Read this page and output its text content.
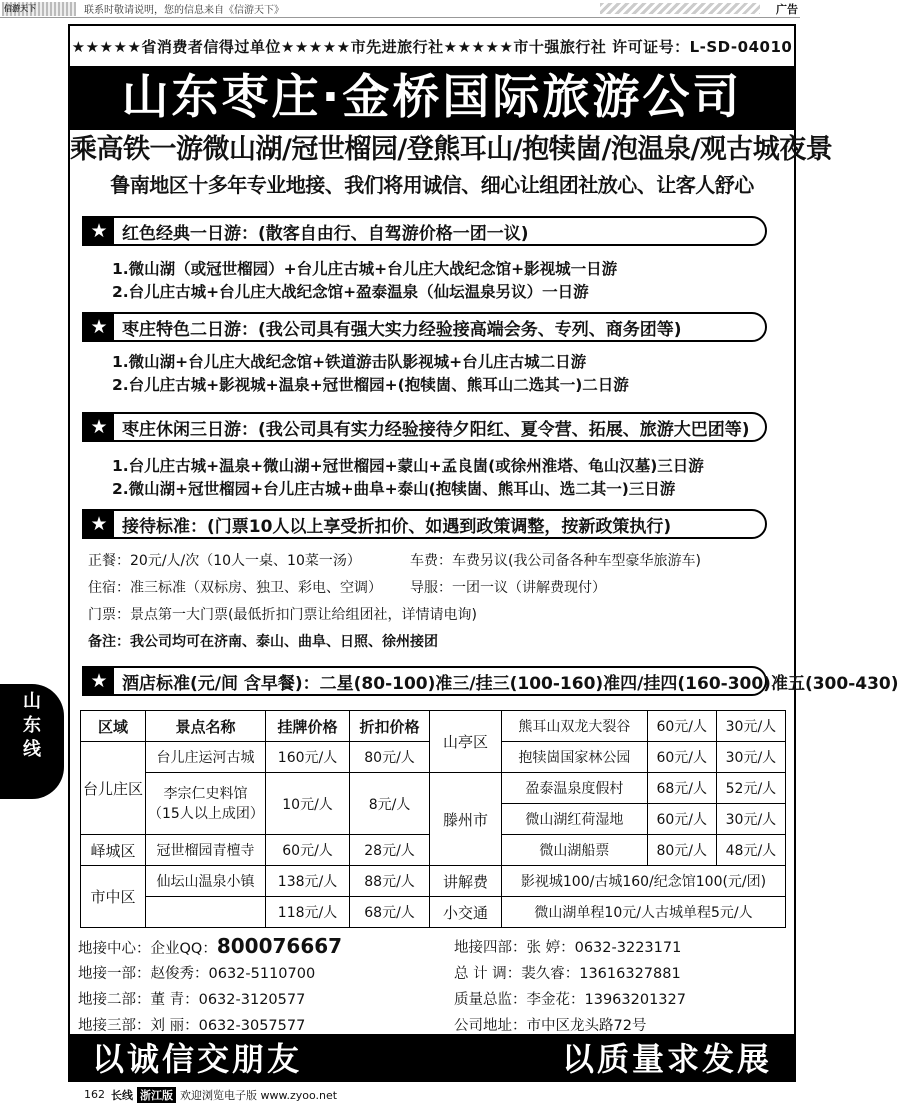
信游天下	联系时敬请说明，您的信息来自《信游天下》	广告
山
东
线
★★★★★省消费者信得过单位★★★★★市先进旅行社★★★★★市十强旅行社 许可证号：L-SD-04010
山东枣庄·金桥国际旅游公司
乘高铁一游微山湖/冠世榴园/登熊耳山/抱犊崮/泡温泉/观古城夜景
鲁南地区十多年专业地接、我们将用诚信、细心让组团社放心、让客人舒心
★ 红色经典一日游：(散客自由行、自驾游价格一团一议)
1.微山湖（或冠世榴园）+台儿庄古城+台儿庄大战纪念馆+影视城一日游
2.台儿庄古城+台儿庄大战纪念馆+盈泰温泉（仙坛温泉另议）一日游
★ 枣庄特色二日游：(我公司具有强大实力经验接高端会务、专列、商务团等)
1.微山湖+台儿庄大战纪念馆+铁道游击队影视城+台儿庄古城二日游
2.台儿庄古城+影视城+温泉+冠世榴园+(抱犊崮、熊耳山二选其一)二日游
★ 枣庄休闲三日游：(我公司具有实力经验接待夕阳红、夏令营、拓展、旅游大巴团等)
1.台儿庄古城+温泉+微山湖+冠世榴园+蒙山+孟良崮(或徐州淮塔、龟山汉墓)三日游
2.微山湖+冠世榴园+台儿庄古城+曲阜+泰山(抱犊崮、熊耳山、选二其一)三日游
★ 接待标准：(门票10人以上享受折扣价、如遇到政策调整，按新政策执行)
正餐：20元/人/次（10人一桌、10菜一汤）	车费：车费另议(我公司备各种车型豪华旅游车)
住宿：准三标准（双标房、独卫、彩电、空调） 导服：一团一议（讲解费现付）
门票：景点第一大门票(最低折扣门票让给组团社，详情请电询)
备注：我公司均可在济南、泰山、曲阜、日照、徐州接团
★ 酒店标准(元/间 含早餐)：二星(80-100)准三/挂三(100-160)准四/挂四(160-300)准五(300-430)
区域	景点名称	挂牌价格	折扣价格	山亭区	熊耳山双龙大裂谷	60元/人	30元/人
台儿庄区	台儿庄运河古城	160元/人	80元/人		抱犊崮国家林公园	60元/人	30元/人
	李宗仁史料馆（15人以上成团）	10元/人	8元/人	滕州市	盈泰温泉度假村	68元/人	52元/人
					微山湖红荷湿地	60元/人	30元/人
峄城区	冠世榴园青檀寺	60元/人	28元/人		微山湖船票	80元/人	48元/人
市中区	仙坛山温泉小镇	138元/人	88元/人	讲解费	影视城100/古城160/纪念馆100(元/团)		
		118元/人	68元/人	小交通	微山湖单程10元/人古城单程5元/人		
地接中心：企业QQ：800076667
地接一部：赵俊秀：0632-5110700
地接二部：董 青：0632-3120577
地接三部：刘 丽：0632-3057577
地接四部：张 婷：0632-3223171
总 计 调：裴久睿：13616327881
质量总监：李金花：13963201327
公司地址：市中区龙头路72号
以诚信交朋友	以质量求发展
162 长线 浙江版 欢迎浏览电子版 www.zyoo.net
